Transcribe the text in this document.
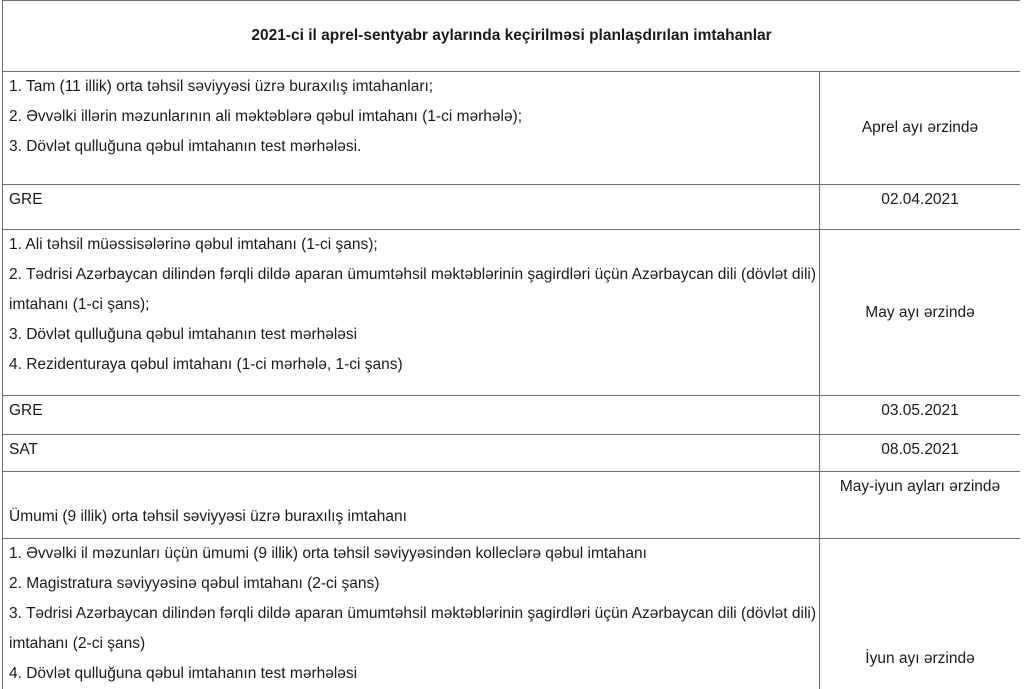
2021-ci il aprel-sentyabr aylarında keçirilməsi planlaşdırılan imtahanlar	

1. Tam (11 illik) orta təhsil səviyyəsi üzrə buraxılış imtahanları;
2. Əvvəlki illərin məzunlarının ali məktəblərə qəbul imtahanı (1-ci mərhələ);
3. Dövlət qulluğuna qəbul imtahanın test mərhələsi.	Aprel ayı ərzində

GRE	02.04.2021

1. Ali təhsil müəssisələrinə qəbul imtahanı (1-ci şans);
2. Tədrisi Azərbaycan dilindən fərqli dildə aparan ümumtəhsil məktəblərinin şagirdləri üçün Azərbaycan dili (dövlət dili) imtahanı (1-ci şans);
3. Dövlət qulluğuna qəbul imtahanın test mərhələsi
4. Rezidenturaya qəbul imtahanı (1-ci mərhələ, 1-ci şans)	May ayı ərzində

GRE	03.05.2021

SAT	08.05.2021

Ümumi (9 illik) orta təhsil səviyyəsi üzrə buraxılış imtahanı	May-iyun ayları ərzində

1. Əvvəlki il məzunları üçün ümumi (9 illik) orta təhsil səviyyəsindən kolleclərə qəbul imtahanı
2. Magistratura səviyyəsinə qəbul imtahanı (2-ci şans)
3. Tədrisi Azərbaycan dilindən fərqli dildə aparan ümumtəhsil məktəblərinin şagirdləri üçün Azərbaycan dili (dövlət dili) imtahanı (2-ci şans)
4. Dövlət qulluğuna qəbul imtahanın test mərhələsi	İyun ayı ərzində
